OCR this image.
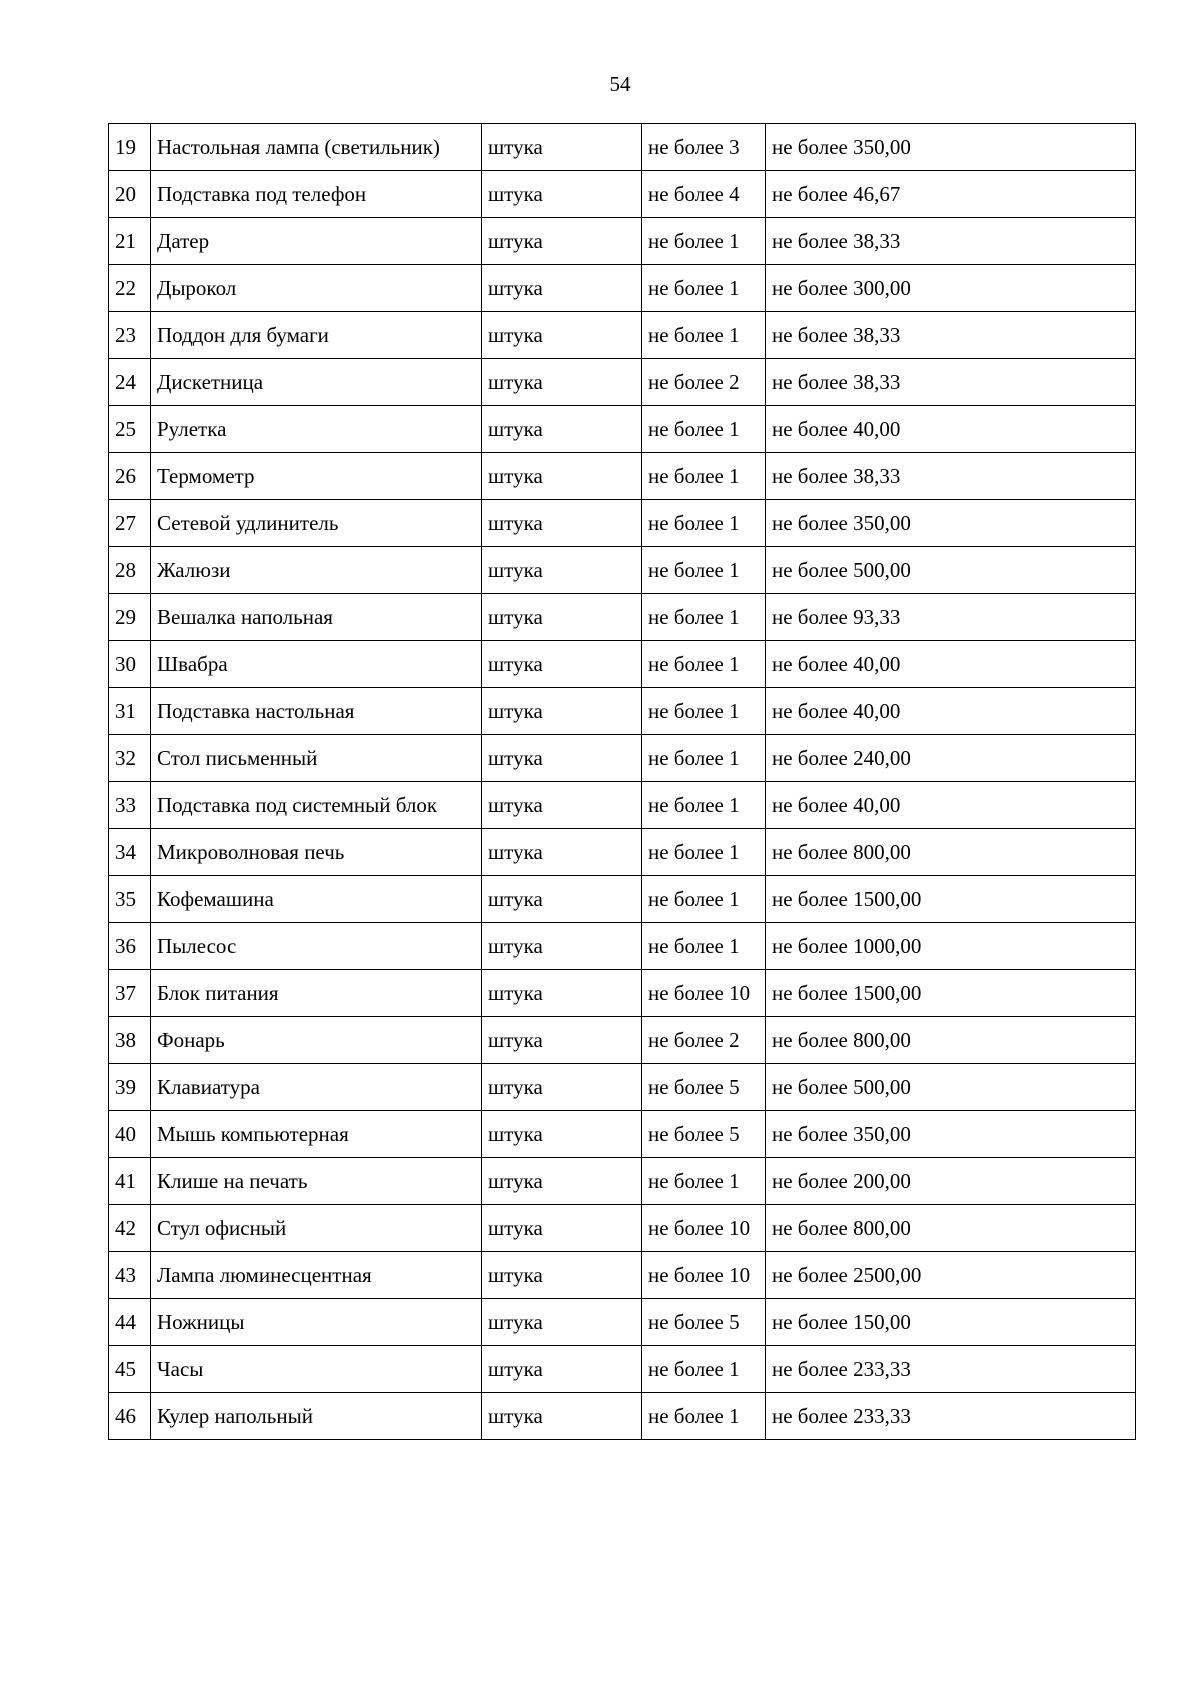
54
19	Настольная лампа (светильник)	штука	не более 3	не более 350,00
20	Подставка под телефон	штука	не более 4	не более 46,67
21	Датер	штука	не более 1	не более 38,33
22	Дырокол	штука	не более 1	не более 300,00
23	Поддон для бумаги	штука	не более 1	не более 38,33
24	Дискетница	штука	не более 2	не более 38,33
25	Рулетка	штука	не более 1	не более 40,00
26	Термометр	штука	не более 1	не более 38,33
27	Сетевой удлинитель	штука	не более 1	не более 350,00
28	Жалюзи	штука	не более 1	не более 500,00
29	Вешалка напольная	штука	не более 1	не более 93,33
30	Швабра	штука	не более 1	не более 40,00
31	Подставка настольная	штука	не более 1	не более 40,00
32	Стол письменный	штука	не более 1	не более 240,00
33	Подставка под системный блок	штука	не более 1	не более 40,00
34	Микроволновая печь	штука	не более 1	не более 800,00
35	Кофемашина	штука	не более 1	не более 1500,00
36	Пылесос	штука	не более 1	не более 1000,00
37	Блок питания	штука	не более 10	не более 1500,00
38	Фонарь	штука	не более 2	не более 800,00
39	Клавиатура	штука	не более 5	не более 500,00
40	Мышь компьютерная	штука	не более 5	не более 350,00
41	Клише на печать	штука	не более 1	не более 200,00
42	Стул офисный	штука	не более 10	не более 800,00
43	Лампа люминесцентная	штука	не более 10	не более 2500,00
44	Ножницы	штука	не более 5	не более 150,00
45	Часы	штука	не более 1	не более 233,33
46	Кулер напольный	штука	не более 1	не более 233,33
